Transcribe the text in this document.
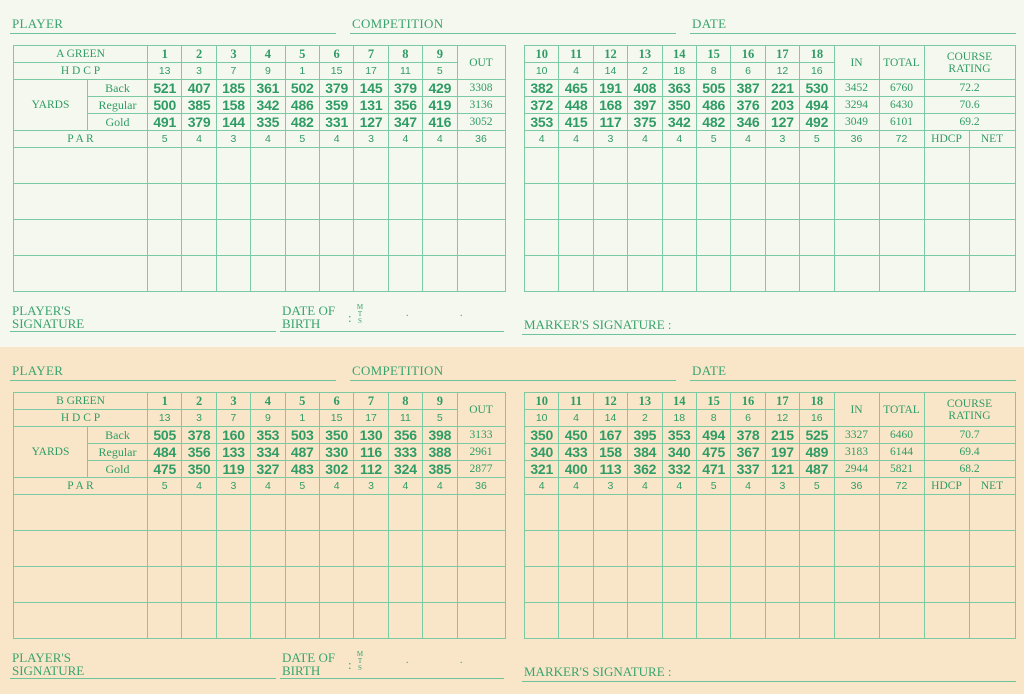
PLAYER	COMPETITION	DATE
A GREEN		1	2	3	4	5	6	7	8	9	OUT
H D C P		13	3	7	9	1	15	17	11	5	
YARDS	Back	521	407	185	361	502	379	145	379	429	3308
	Regular	500	385	158	342	486	359	131	356	419	3136
	Gold	491	379	144	335	482	331	127	347	416	3052
P A R		5	4	3	4	5	4	3	4	4	36

10	11	12	13	14	15	16	17	18	IN	TOTAL	COURSE
RATING	

10	4	14	2	18	8	6	12	16				
382	465	191	408	363	505	387	221	530	3452	6760	72.2	
372	448	168	397	350	486	376	203	494	3294	6430	70.6	
353	415	117	375	342	482	346	127	492	3049	6101	69.2	
4	4	3	4	4	5	4	3	5	36	72	HDCP	NET

PLAYER'S
SIGNATURE
DATE OF
BIRTH	:
M
T
S
.	.
MARKER'S SIGNATURE :
PLAYER	COMPETITION	DATE
B GREEN		1	2	3	4	5	6	7	8	9	OUT
H D C P		13	3	7	9	1	15	17	11	5	
YARDS	Back	505	378	160	353	503	350	130	356	398	3133
	Regular	484	356	133	334	487	330	116	333	388	2961
	Gold	475	350	119	327	483	302	112	324	385	2877
P A R		5	4	3	4	5	4	3	4	4	36

10	11	12	13	14	15	16	17	18	IN	TOTAL	COURSE
RATING	

10	4	14	2	18	8	6	12	16				
350	450	167	395	353	494	378	215	525	3327	6460	70.7	
340	433	158	384	340	475	367	197	489	3183	6144	69.4	
321	400	113	362	332	471	337	121	487	2944	5821	68.2	
4	4	3	4	4	5	4	3	5	36	72	HDCP	NET

PLAYER'S
SIGNATURE
DATE OF
BIRTH	:
M
T
S
.	.
MARKER'S SIGNATURE :
